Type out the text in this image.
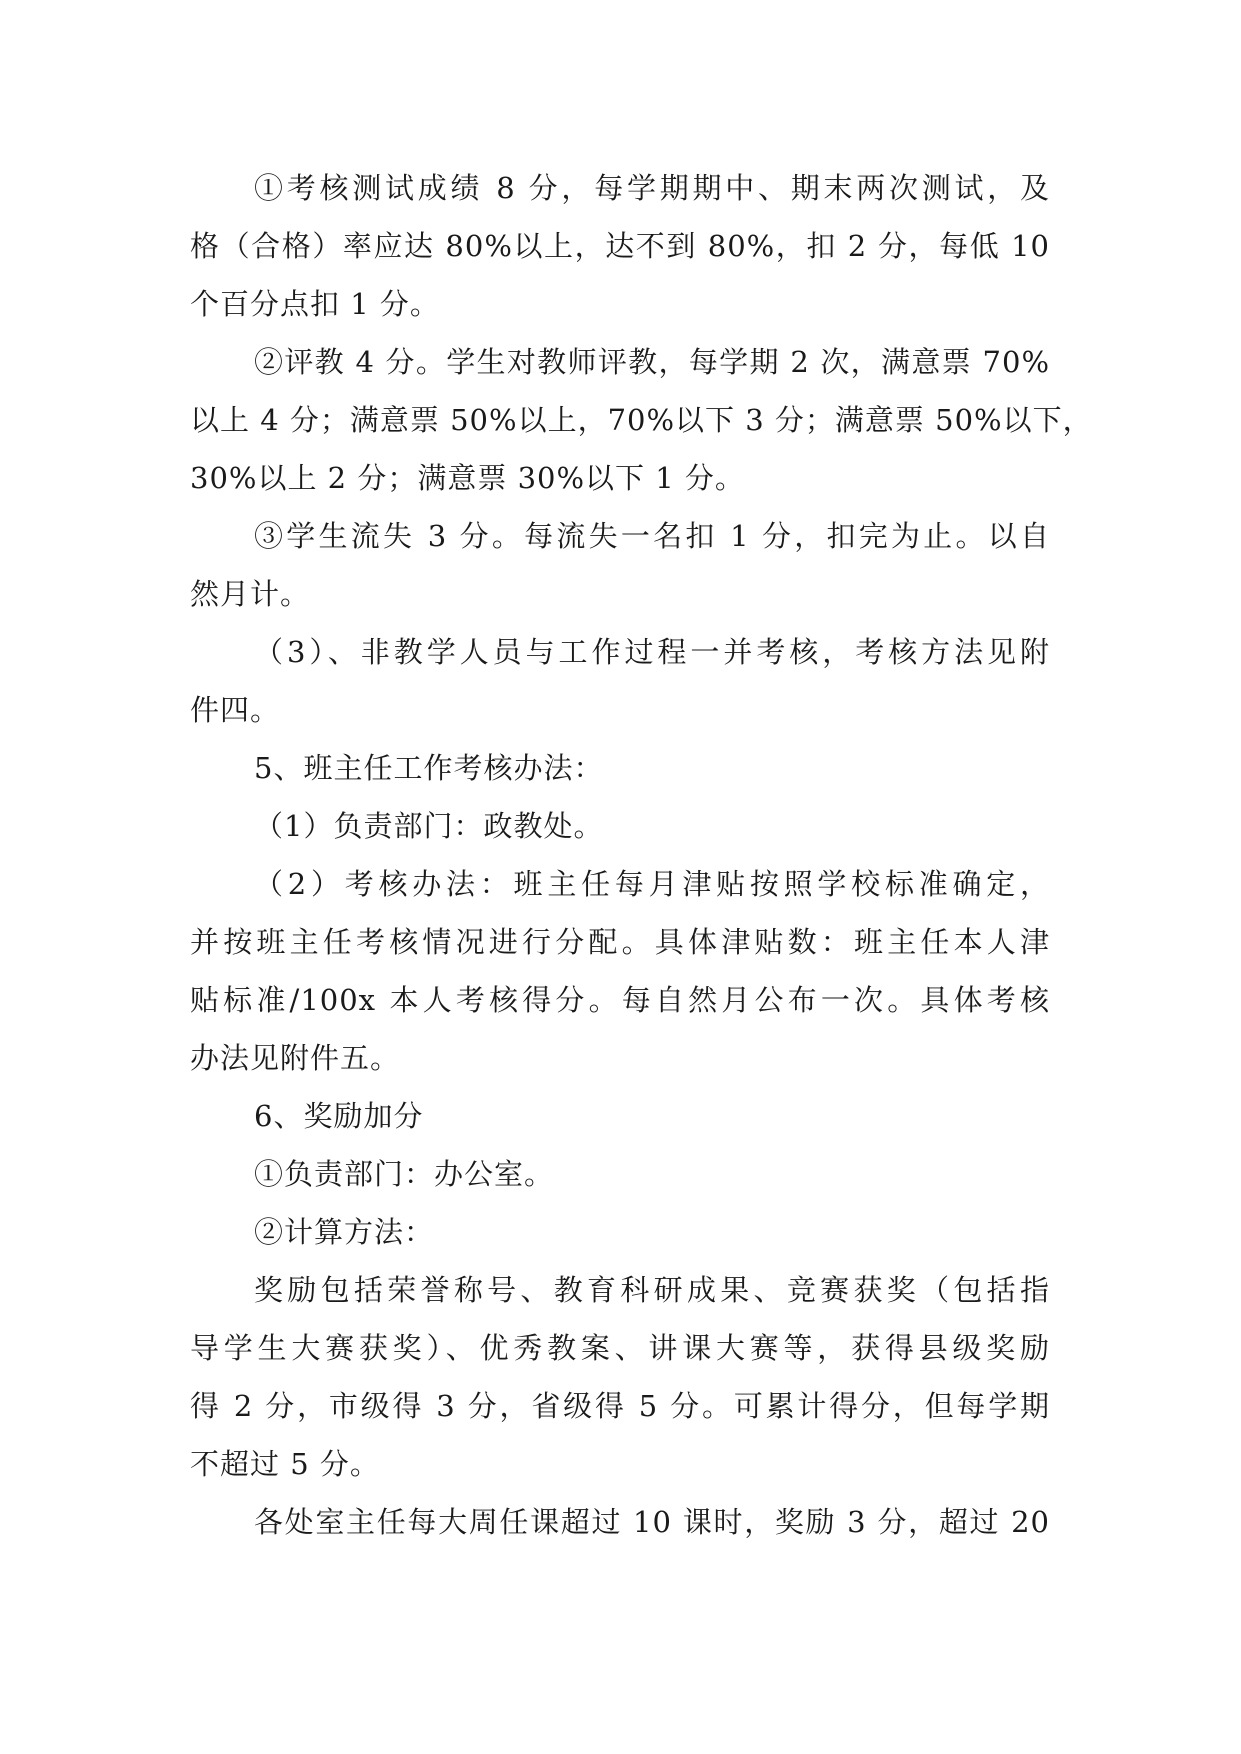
①考核测试成绩 8 分，每学期期中、期末两次测试，及
格（合格）率应达 80%以上，达不到 80%，扣 2 分，每低 10
个百分点扣 1 分。
②评教 4 分。学生对教师评教，每学期 2 次，满意票 70%
以上 4 分；满意票 50%以上，70%以下 3 分；满意票 50%以下，
30%以上 2 分；满意票 30%以下 1 分。
③学生流失 3 分。每流失一名扣 1 分，扣完为止。以自
然月计。
（3）、非教学人员与工作过程一并考核，考核方法见附
件四。
5、班主任工作考核办法：
（1）负责部门：政教处。
（2）考核办法：班主任每月津贴按照学校标准确定，
并按班主任考核情况进行分配。具体津贴数：班主任本人津
贴标准/100x 本人考核得分。每自然月公布一次。具体考核
办法见附件五。
6、奖励加分
①负责部门：办公室。
②计算方法：
奖励包括荣誉称号、教育科研成果、竞赛获奖（包括指
导学生大赛获奖）、优秀教案、讲课大赛等，获得县级奖励
得 2 分，市级得 3 分，省级得 5 分。可累计得分，但每学期
不超过 5 分。
各处室主任每大周任课超过 10 课时，奖励 3 分，超过 20
